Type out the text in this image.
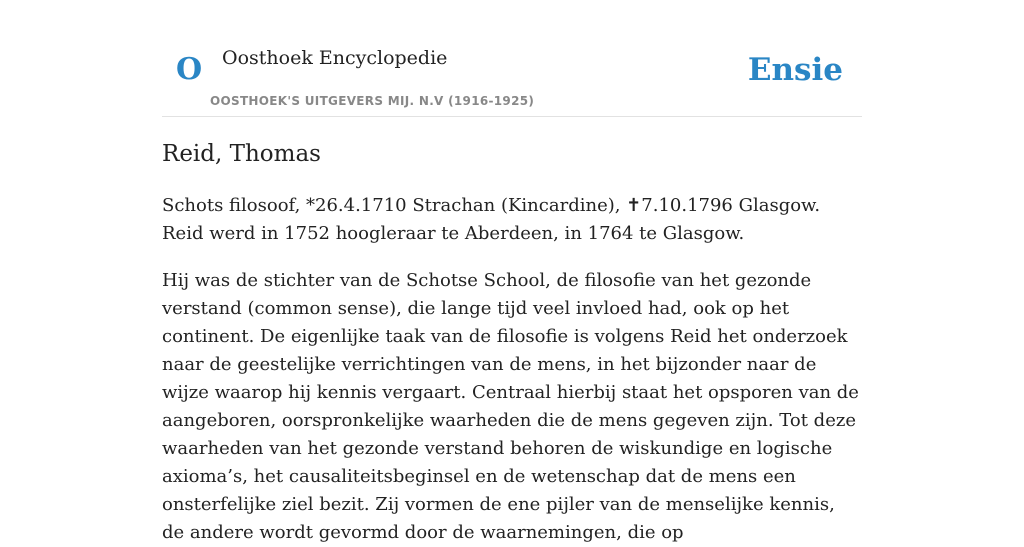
O Oosthoek Encyclopedie
OOSTHOEK'S UITGEVERS MIJ. N.V (1916-1925)
Ensie
Reid, Thomas

Schots filosoof, *26.4.1710 Strachan (Kincardine), ✝7.10.1796 Glasgow. Reid werd in 1752 hoogleraar te Aberdeen, in 1764 te Glasgow.

Hij was de stichter van de Schotse School, de filosofie van het gezonde verstand (common sense), die lange tijd veel invloed had, ook op het continent. De eigenlijke taak van de filosofie is volgens Reid het onderzoek naar de geestelijke verrichtingen van de mens, in het bijzonder naar de wijze waarop hij kennis vergaart. Centraal hierbij staat het opsporen van de aangeboren, oorspronkelijke waarheden die de mens gegeven zijn. Tot deze waarheden van het gezonde verstand behoren de wiskundige en logische axioma’s, het causaliteitsbeginsel en de wetenschap dat de mens een onsterfelijke ziel bezit. Zij vormen de ene pijler van de menselijke kennis, de andere wordt gevormd door de waarnemingen, die op
